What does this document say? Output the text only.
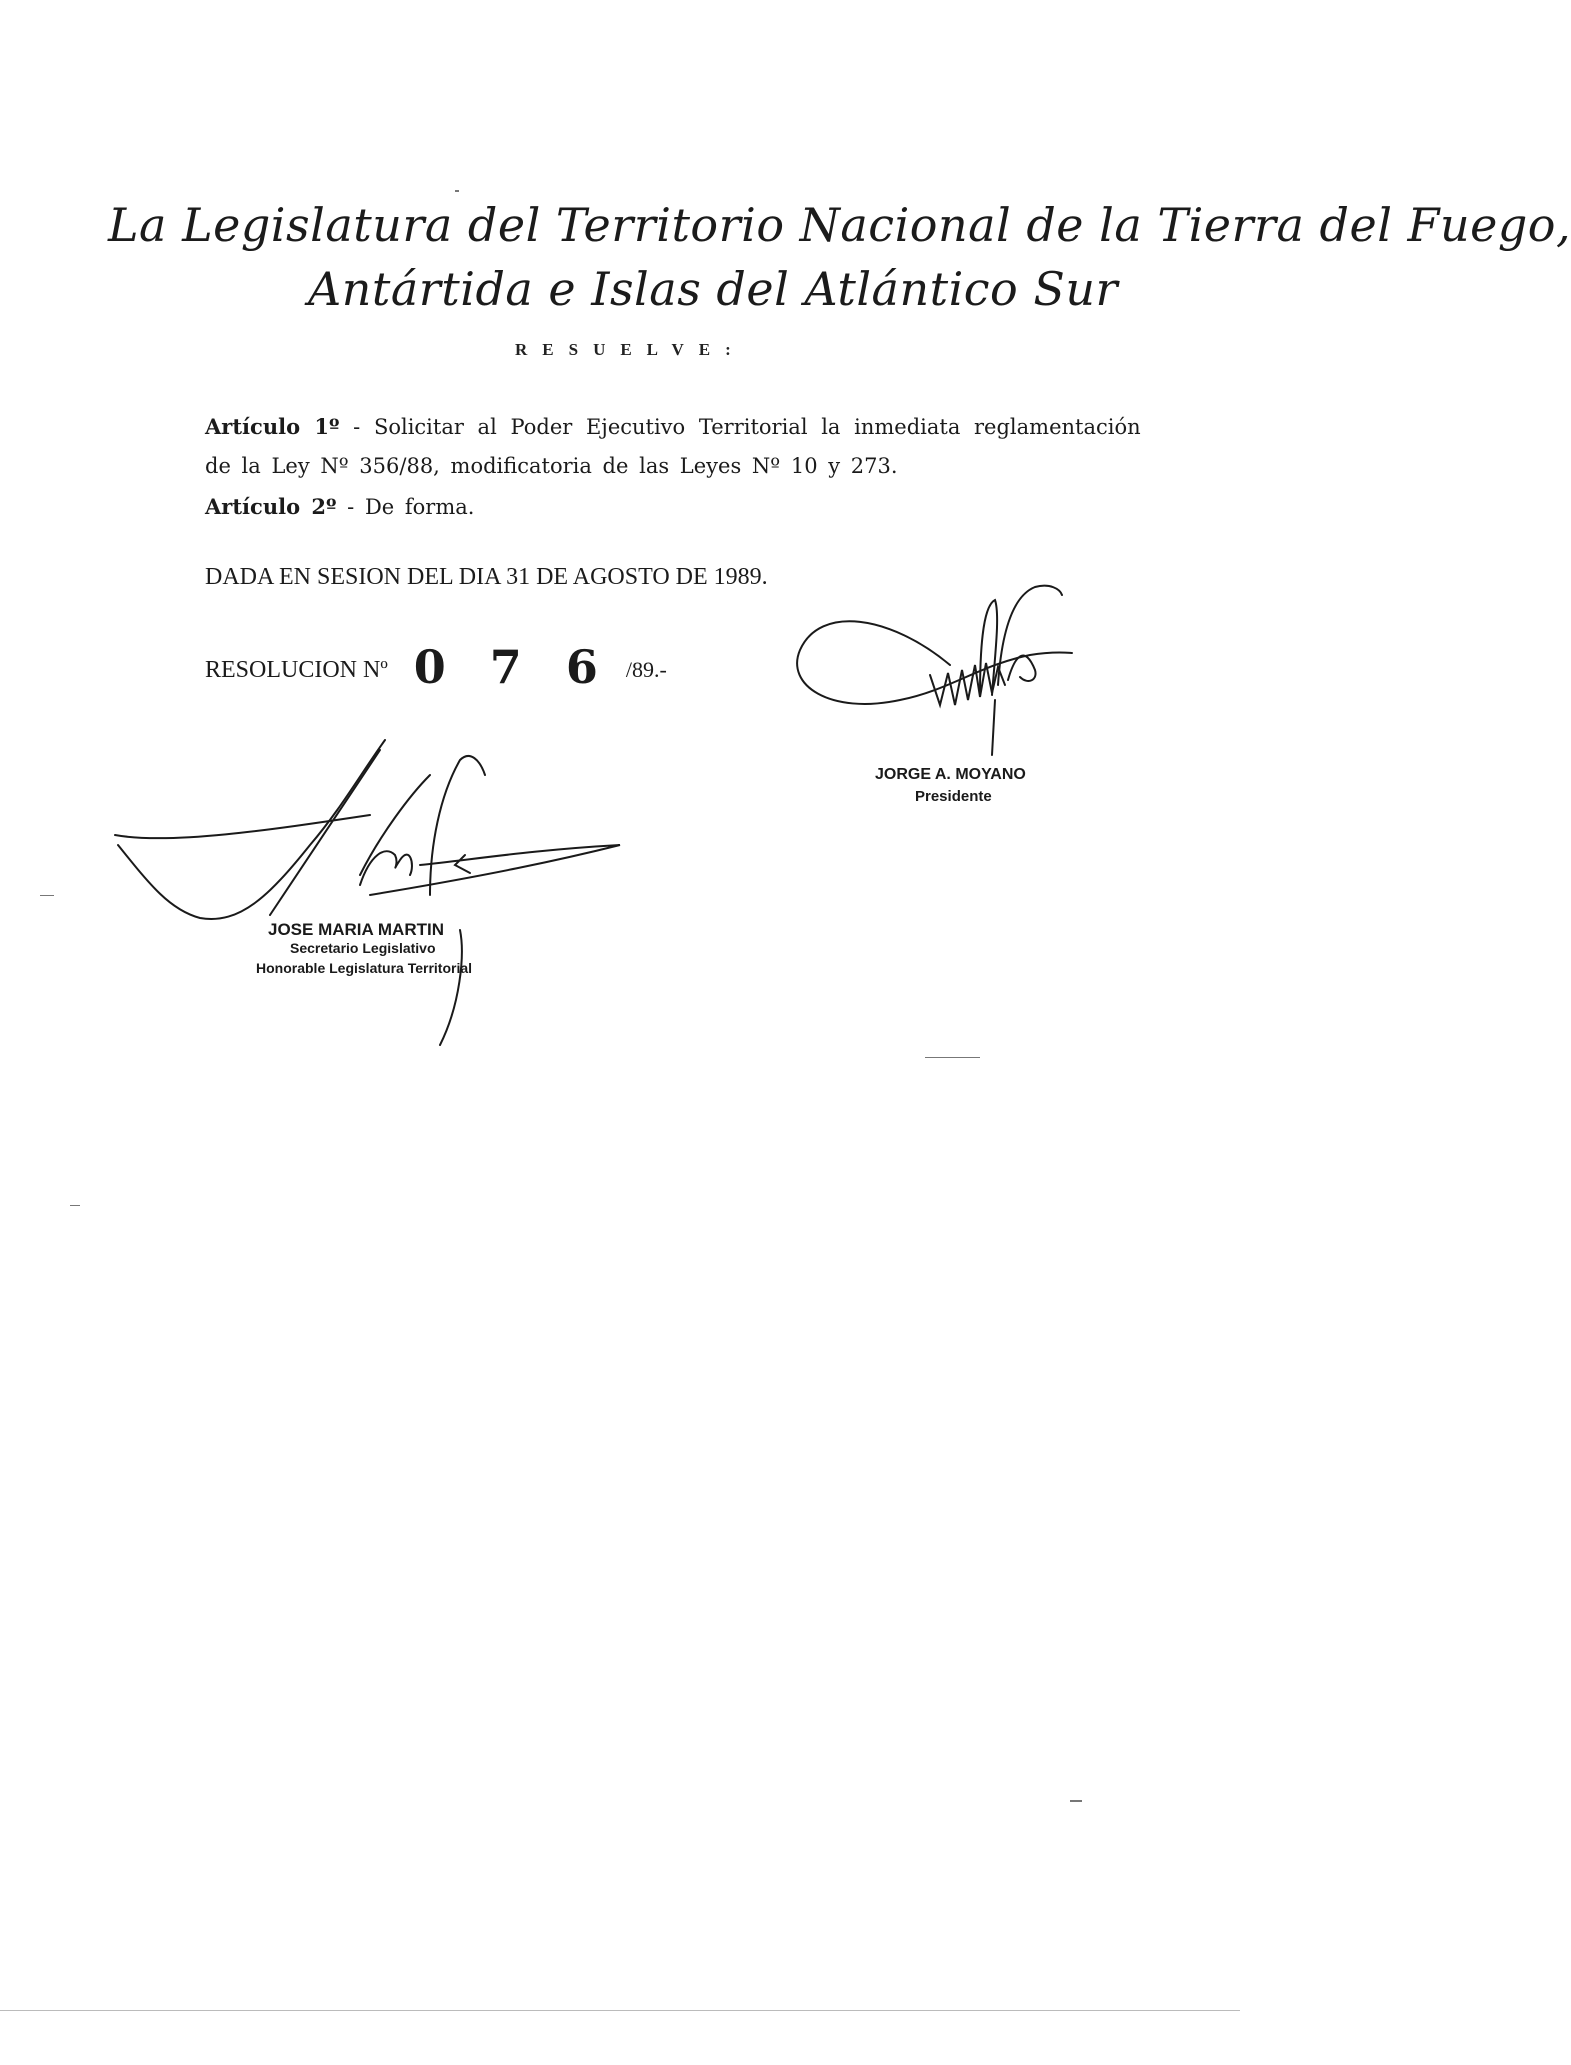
La Legislatura del Territorio Nacional de la Tierra del Fuego,
Antártida e Islas del Atlántico Sur
RESUELVE:
Artículo 1º - Solicitar al Poder Ejecutivo Territorial la inmediata reglamentación
de la Ley Nº 356/88, modificatoria de las Leyes Nº 10 y 273.
Artículo 2º - De forma.
DADA EN SESION DEL DIA 31 DE AGOSTO DE 1989.
RESOLUCION Nº 0 7 6 /89.-
JORGE A. MOYANO
Presidente
JOSE MARIA MARTIN
Secretario Legislativo
Honorable Legislatura Territorial
